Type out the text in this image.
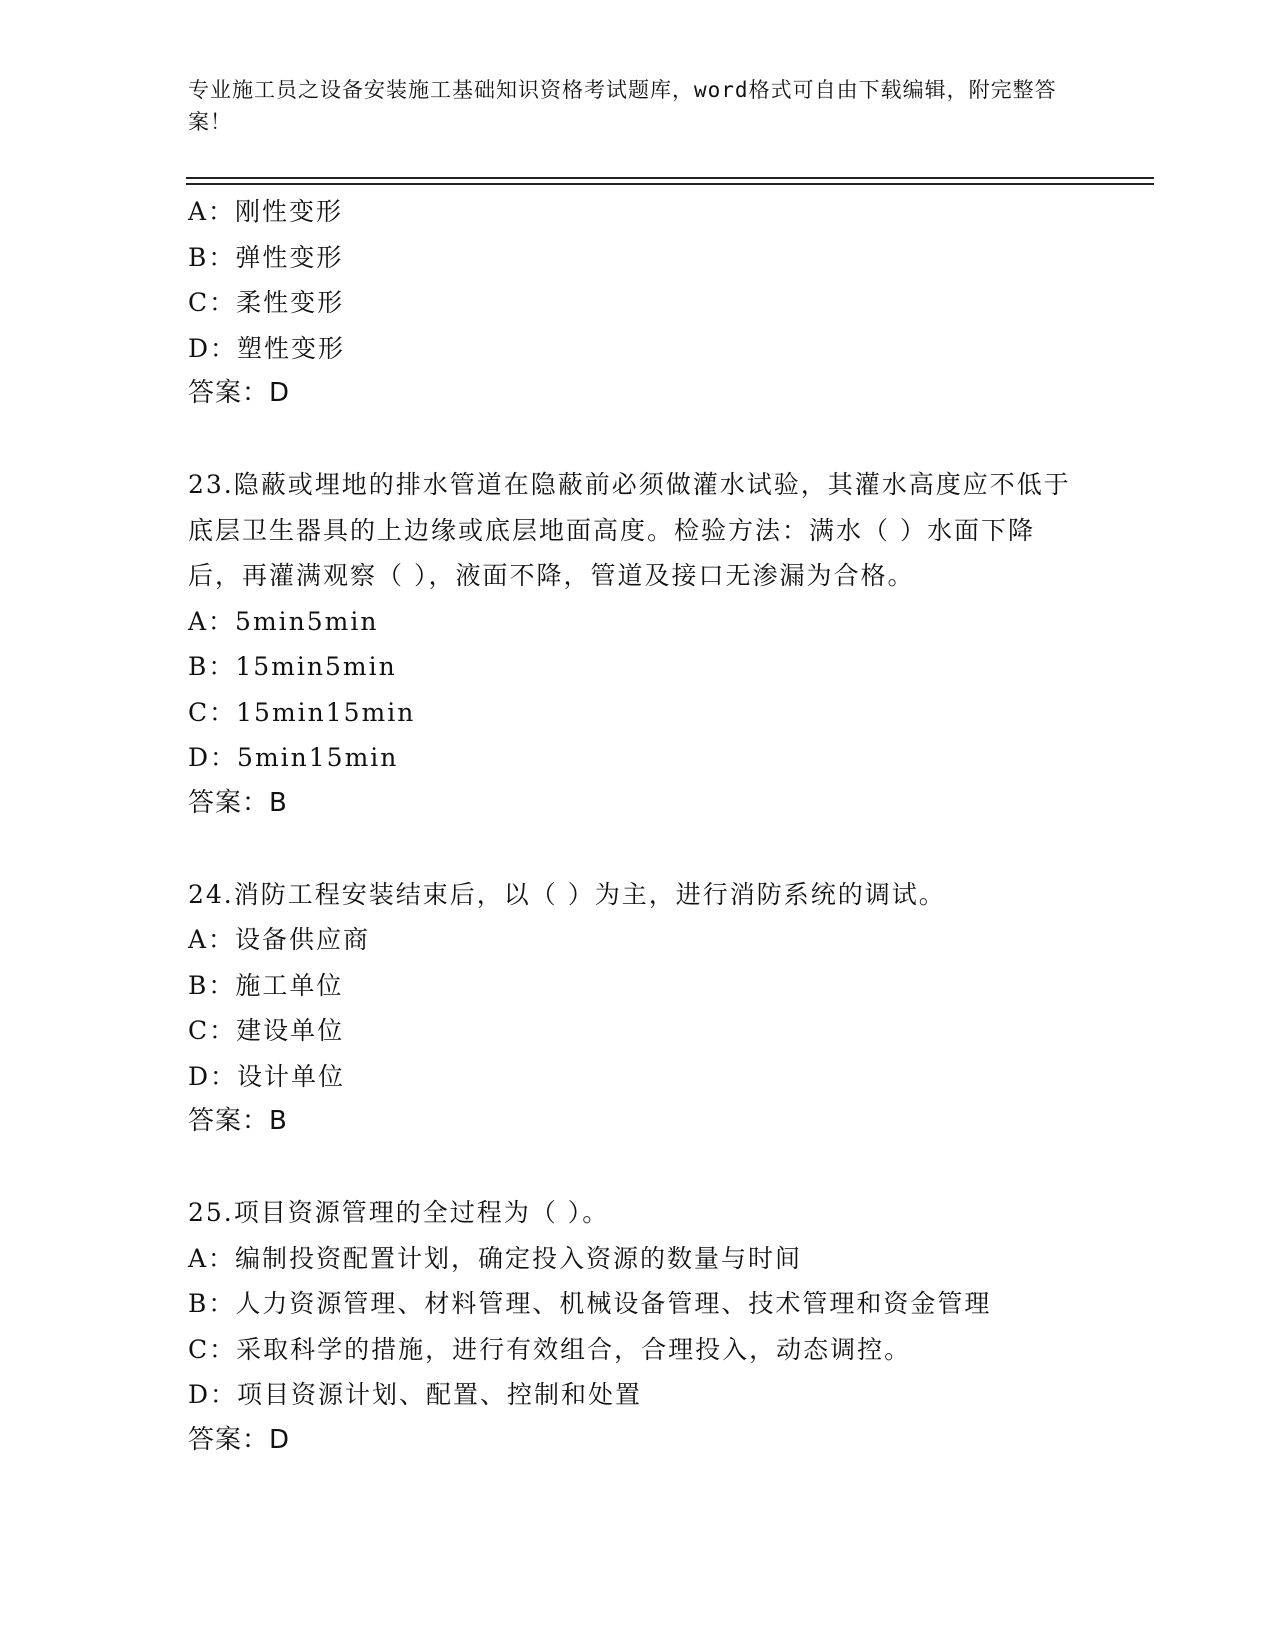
专业施工员之设备安装施工基础知识资格考试题库，word格式可自由下载编辑，附完整答案！
A：刚性变形
B：弹性变形
C：柔性变形
D：塑性变形
答案：D
23.隐蔽或埋地的排水管道在隐蔽前必须做灌水试验，其灌水高度应不低于底层卫生器具的上边缘或底层地面高度。检验方法：满水（ ）水面下降后，再灌满观察（ ），液面不降，管道及接口无渗漏为合格。
A：5min5min
B：15min5min
C：15min15min
D：5min15min
答案：B
24.消防工程安装结束后，以（ ）为主，进行消防系统的调试。
A：设备供应商
B：施工单位
C：建设单位
D：设计单位
答案：B
25.项目资源管理的全过程为（ ）。
A：编制投资配置计划，确定投入资源的数量与时间
B：人力资源管理、材料管理、机械设备管理、技术管理和资金管理
C：采取科学的措施，进行有效组合，合理投入，动态调控。
D：项目资源计划、配置、控制和处置
答案：D
